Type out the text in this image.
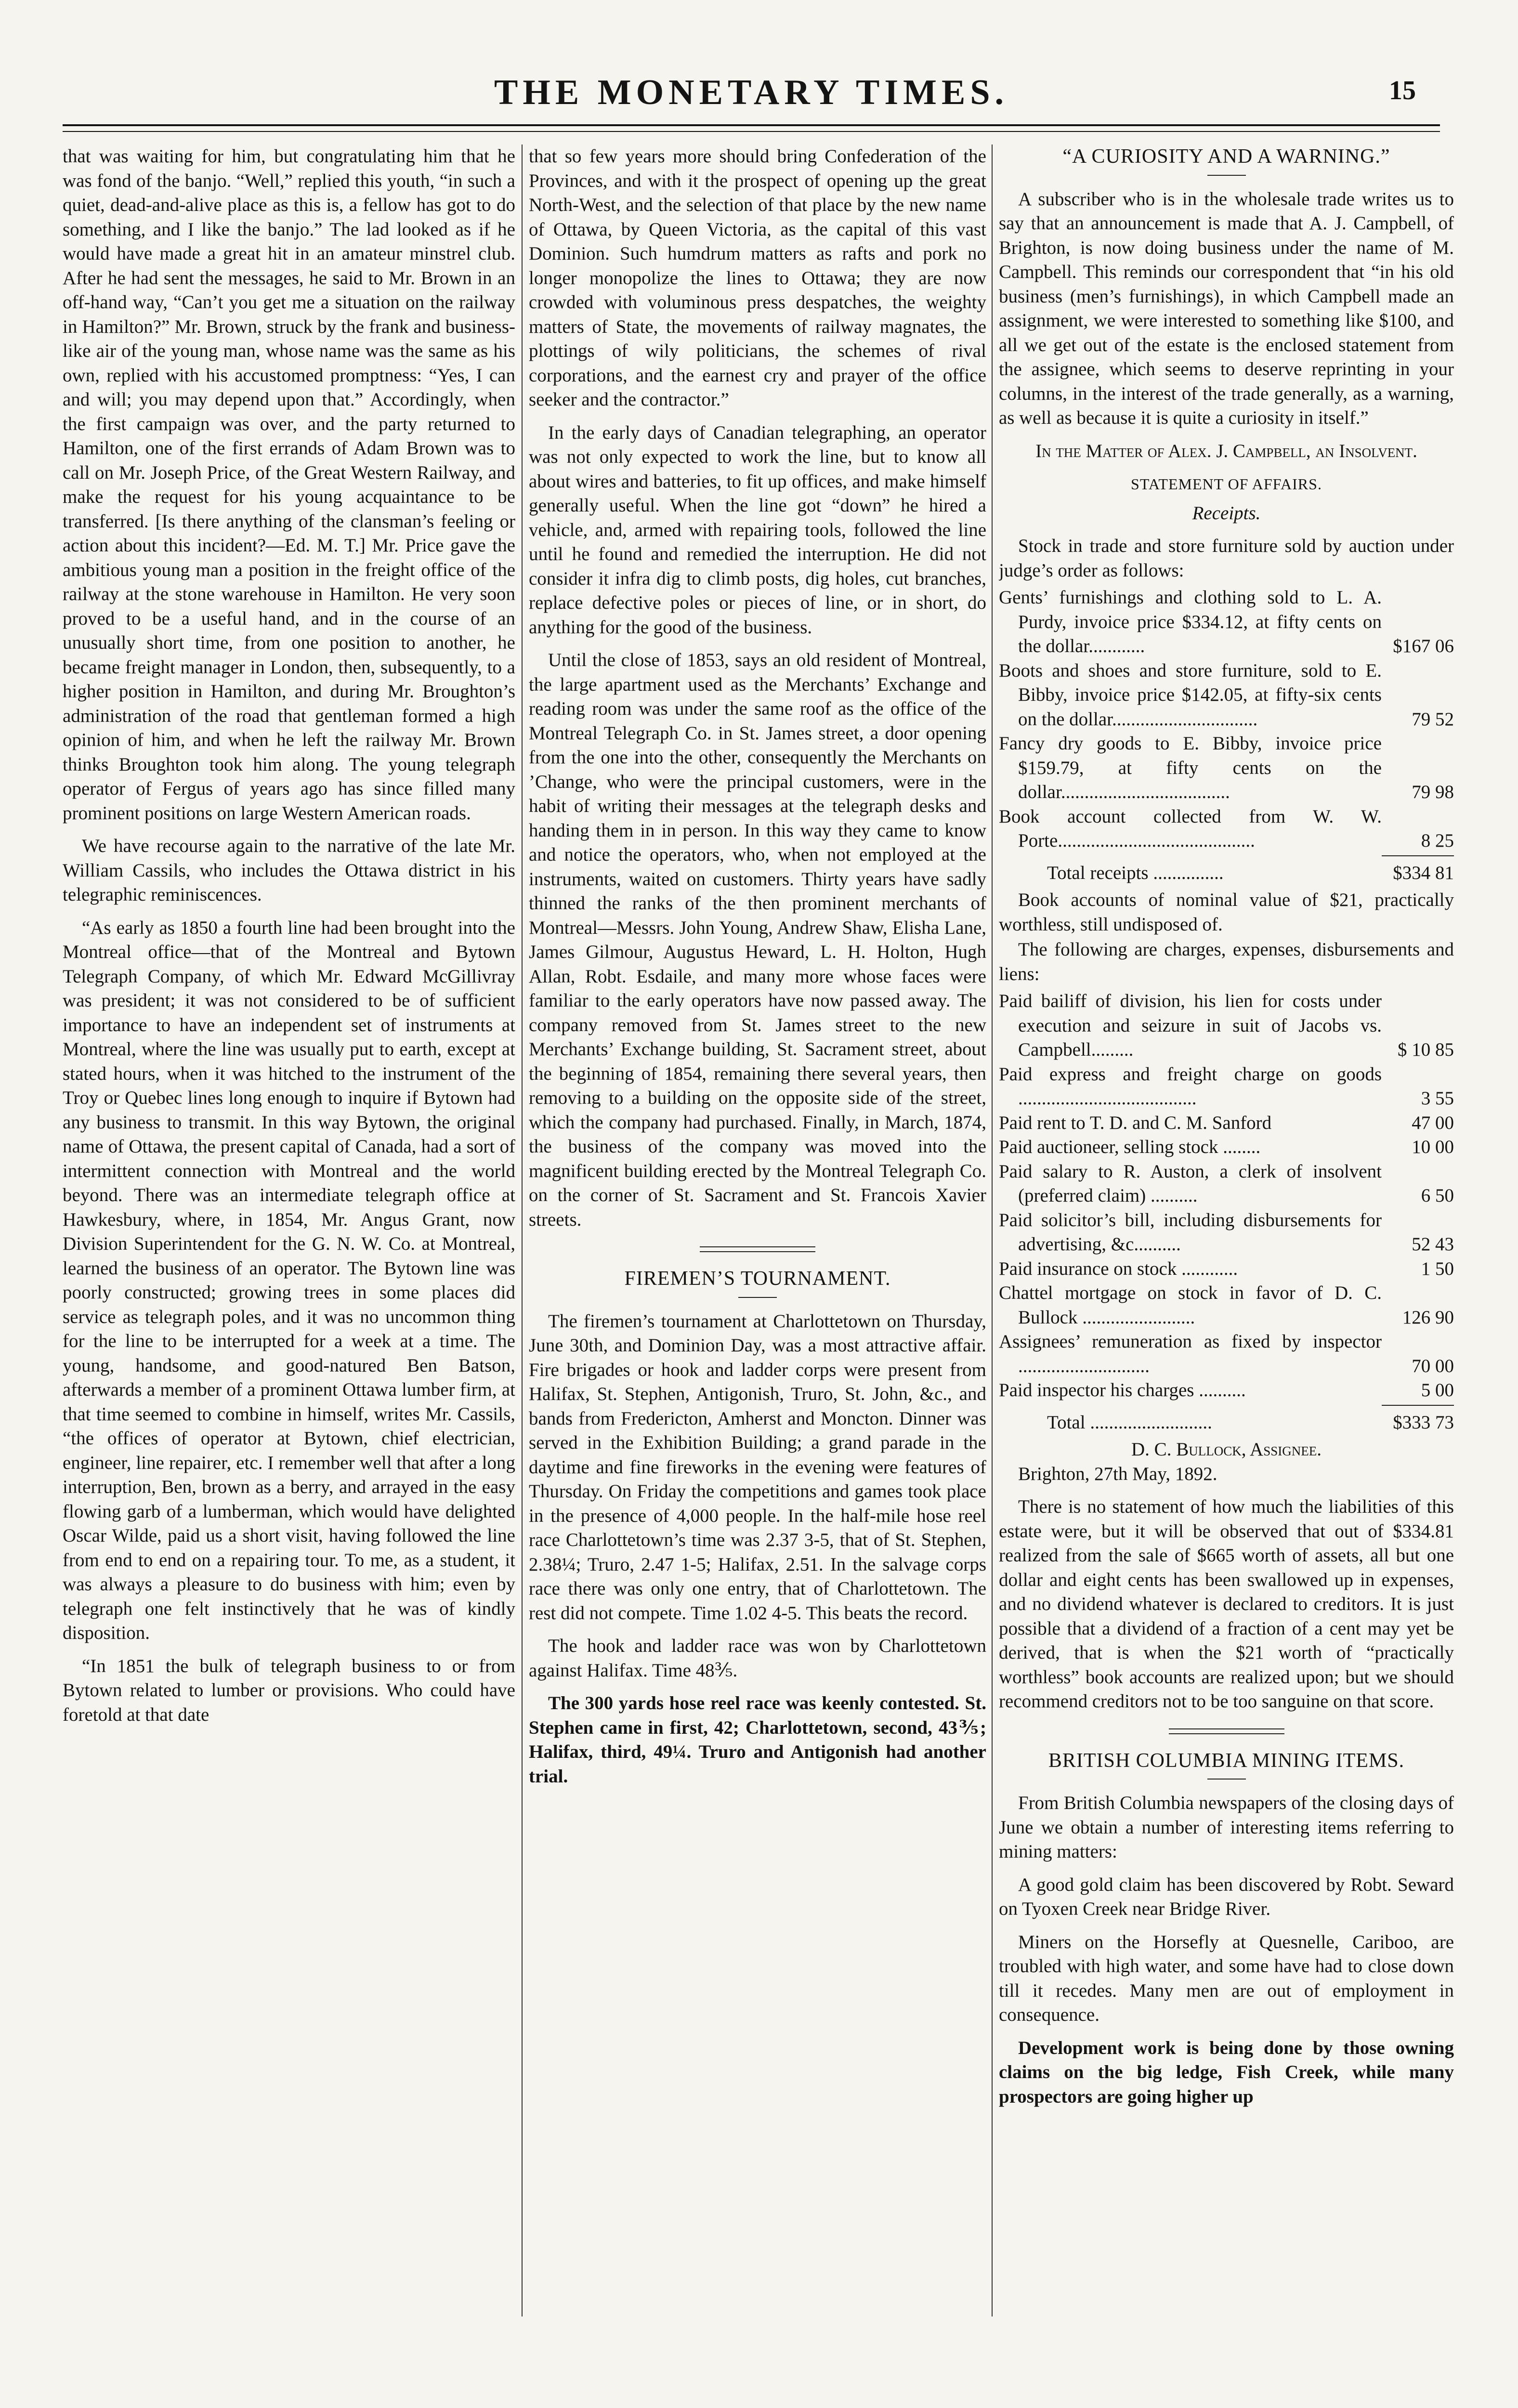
THE MONETARY TIMES.	15

that was waiting for him, but congratulating him that he was fond of the banjo. “Well,” replied this youth, “in such a quiet, dead-and-alive place as this is, a fellow has got to do something, and I like the banjo.” The lad looked as if he would have made a great hit in an amateur minstrel club. After he had sent the messages, he said to Mr. Brown in an off-hand way, “Can’t you get me a situation on the railway in Hamilton?” Mr. Brown, struck by the frank and business-like air of the young man, whose name was the same as his own, replied with his accustomed promptness: “Yes, I can and will; you may depend upon that.” Accordingly, when the first campaign was over, and the party returned to Hamilton, one of the first errands of Adam Brown was to call on Mr. Joseph Price, of the Great Western Railway, and make the request for his young acquaintance to be transferred. [Is there anything of the clansman’s feeling or action about this incident?—Ed. M. T.] Mr. Price gave the ambitious young man a position in the freight office of the railway at the stone warehouse in Hamilton. He very soon proved to be a useful hand, and in the course of an unusually short time, from one position to another, he became freight manager in London, then, subsequently, to a higher position in Hamilton, and during Mr. Broughton’s administration of the road that gentleman formed a high opinion of him, and when he left the railway Mr. Brown thinks Broughton took him along. The young telegraph operator of Fergus of years ago has since filled many prominent positions on large Western American roads.

We have recourse again to the narrative of the late Mr. William Cassils, who includes the Ottawa district in his telegraphic reminiscences.

“As early as 1850 a fourth line had been brought into the Montreal office—that of the Montreal and Bytown Telegraph Company, of which Mr. Edward McGillivray was president; it was not considered to be of sufficient importance to have an independent set of instruments at Montreal, where the line was usually put to earth, except at stated hours, when it was hitched to the instrument of the Troy or Quebec lines long enough to inquire if Bytown had any business to transmit. In this way Bytown, the original name of Ottawa, the present capital of Canada, had a sort of intermittent connection with Montreal and the world beyond. There was an intermediate telegraph office at Hawkesbury, where, in 1854, Mr. Angus Grant, now Division Superintendent for the G. N. W. Co. at Montreal, learned the business of an operator. The Bytown line was poorly constructed; growing trees in some places did service as telegraph poles, and it was no uncommon thing for the line to be interrupted for a week at a time. The young, handsome, and good-natured Ben Batson, afterwards a member of a prominent Ottawa lumber firm, at that time seemed to combine in himself, writes Mr. Cassils, “the offices of operator at Bytown, chief electrician, engineer, line repairer, etc. I remember well that after a long interruption, Ben, brown as a berry, and arrayed in the easy flowing garb of a lumberman, which would have delighted Oscar Wilde, paid us a short visit, having followed the line from end to end on a repairing tour. To me, as a student, it was always a pleasure to do business with him; even by telegraph one felt instinctively that he was of kindly disposition.

“In 1851 the bulk of telegraph business to or from Bytown related to lumber or provisions. Who could have foretold at that date

that so few years more should bring Confederation of the Provinces, and with it the prospect of opening up the great North-West, and the selection of that place by the new name of Ottawa, by Queen Victoria, as the capital of this vast Dominion. Such humdrum matters as rafts and pork no longer monopolize the lines to Ottawa; they are now crowded with voluminous press despatches, the weighty matters of State, the movements of railway magnates, the plottings of wily politicians, the schemes of rival corporations, and the earnest cry and prayer of the office seeker and the contractor.”

In the early days of Canadian telegraphing, an operator was not only expected to work the line, but to know all about wires and batteries, to fit up offices, and make himself generally useful. When the line got “down” he hired a vehicle, and, armed with repairing tools, followed the line until he found and remedied the interruption. He did not consider it infra dig to climb posts, dig holes, cut branches, replace defective poles or pieces of line, or in short, do anything for the good of the business.

Until the close of 1853, says an old resident of Montreal, the large apartment used as the Merchants’ Exchange and reading room was under the same roof as the office of the Montreal Telegraph Co. in St. James street, a door opening from the one into the other, consequently the Merchants on ’Change, who were the principal customers, were in the habit of writing their messages at the telegraph desks and handing them in in person. In this way they came to know and notice the operators, who, when not employed at the instruments, waited on customers. Thirty years have sadly thinned the ranks of the then prominent merchants of Montreal—Messrs. John Young, Andrew Shaw, Elisha Lane, James Gilmour, Augustus Heward, L. H. Holton, Hugh Allan, Robt. Esdaile, and many more whose faces were familiar to the early operators have now passed away. The company removed from St. James street to the new Merchants’ Exchange building, St. Sacrament street, about the beginning of 1854, remaining there several years, then removing to a building on the opposite side of the street, which the company had purchased. Finally, in March, 1874, the business of the company was moved into the magnificent building erected by the Montreal Telegraph Co. on the corner of St. Sacrament and St. Francois Xavier streets.

FIREMEN’S TOURNAMENT.

The firemen’s tournament at Charlottetown on Thursday, June 30th, and Dominion Day, was a most attractive affair. Fire brigades or hook and ladder corps were present from Halifax, St. Stephen, Antigonish, Truro, St. John, &c., and bands from Fredericton, Amherst and Moncton. Dinner was served in the Exhibition Building; a grand parade in the daytime and fine fireworks in the evening were features of Thursday. On Friday the competitions and games took place in the presence of 4,000 people. In the half-mile hose reel race Charlottetown’s time was 2.37 3-5, that of St. Stephen, 2.38¼; Truro, 2.47 1-5; Halifax, 2.51. In the salvage corps race there was only one entry, that of Charlottetown. The rest did not compete. Time 1.02 4-5. This beats the record.

The hook and ladder race was won by Charlottetown against Halifax. Time 48⅗.

The 300 yards hose reel race was keenly contested. St. Stephen came in first, 42; Charlottetown, second, 43⅗; Halifax, third, 49¼. Truro and Antigonish had another trial.

“A CURIOSITY AND A WARNING.”

A subscriber who is in the wholesale trade writes us to say that an announcement is made that A. J. Campbell, of Brighton, is now doing business under the name of M. Campbell. This reminds our correspondent that “in his old business (men’s furnishings), in which Campbell made an assignment, we were interested to something like $100, and all we get out of the estate is the enclosed statement from the assignee, which seems to deserve reprinting in your columns, in the interest of the trade generally, as a warning, as well as because it is quite a curiosity in itself.”

In the Matter of Alex. J. Campbell, an Insolvent.

STATEMENT OF AFFAIRS.

Receipts.

Stock in trade and store furniture sold by auction under judge’s order as follows:

Gents’ furnishings and clothing sold to L. A. Purdy, invoice price $334.12, at fifty cents on the dollar............	$167 06
Boots and shoes and store furniture, sold to E. Bibby, invoice price $142.05, at fifty-six cents on the dollar...............................	79 52
Fancy dry goods to E. Bibby, invoice price $159.79, at fifty cents on the dollar....................................	79 98
Book account collected from W. W. Porte..........................................	8 25
Total receipts ...............	$334 81

Book accounts of nominal value of $21, practically worthless, still undisposed of.

The following are charges, expenses, disbursements and liens:

Paid bailiff of division, his lien for costs under execution and seizure in suit of Jacobs vs. Campbell.........	$ 10 85
Paid express and freight charge on goods ......................................	3 55
Paid rent to T. D. and C. M. Sanford	47 00
Paid auctioneer, selling stock ........	10 00
Paid salary to R. Auston, a clerk of insolvent (preferred claim) ..........	6 50
Paid solicitor’s bill, including disbursements for advertising, &c..........	52 43
Paid insurance on stock ............	1 50
Chattel mortgage on stock in favor of D. C. Bullock ........................	126 90
Assignees’ remuneration as fixed by inspector ............................	70 00
Paid inspector his charges ..........	5 00
Total ..........................	$333 73

D. C. Bullock, Assignee.

Brighton, 27th May, 1892.

There is no statement of how much the liabilities of this estate were, but it will be observed that out of $334.81 realized from the sale of $665 worth of assets, all but one dollar and eight cents has been swallowed up in expenses, and no dividend whatever is declared to creditors. It is just possible that a dividend of a fraction of a cent may yet be derived, that is when the $21 worth of “practically worthless” book accounts are realized upon; but we should recommend creditors not to be too sanguine on that score.

BRITISH COLUMBIA MINING ITEMS.

From British Columbia newspapers of the closing days of June we obtain a number of interesting items referring to mining matters:

A good gold claim has been discovered by Robt. Seward on Tyoxen Creek near Bridge River.

Miners on the Horsefly at Quesnelle, Cariboo, are troubled with high water, and some have had to close down till it recedes. Many men are out of employment in consequence.

Development work is being done by those owning claims on the big ledge, Fish Creek, while many prospectors are going higher up
